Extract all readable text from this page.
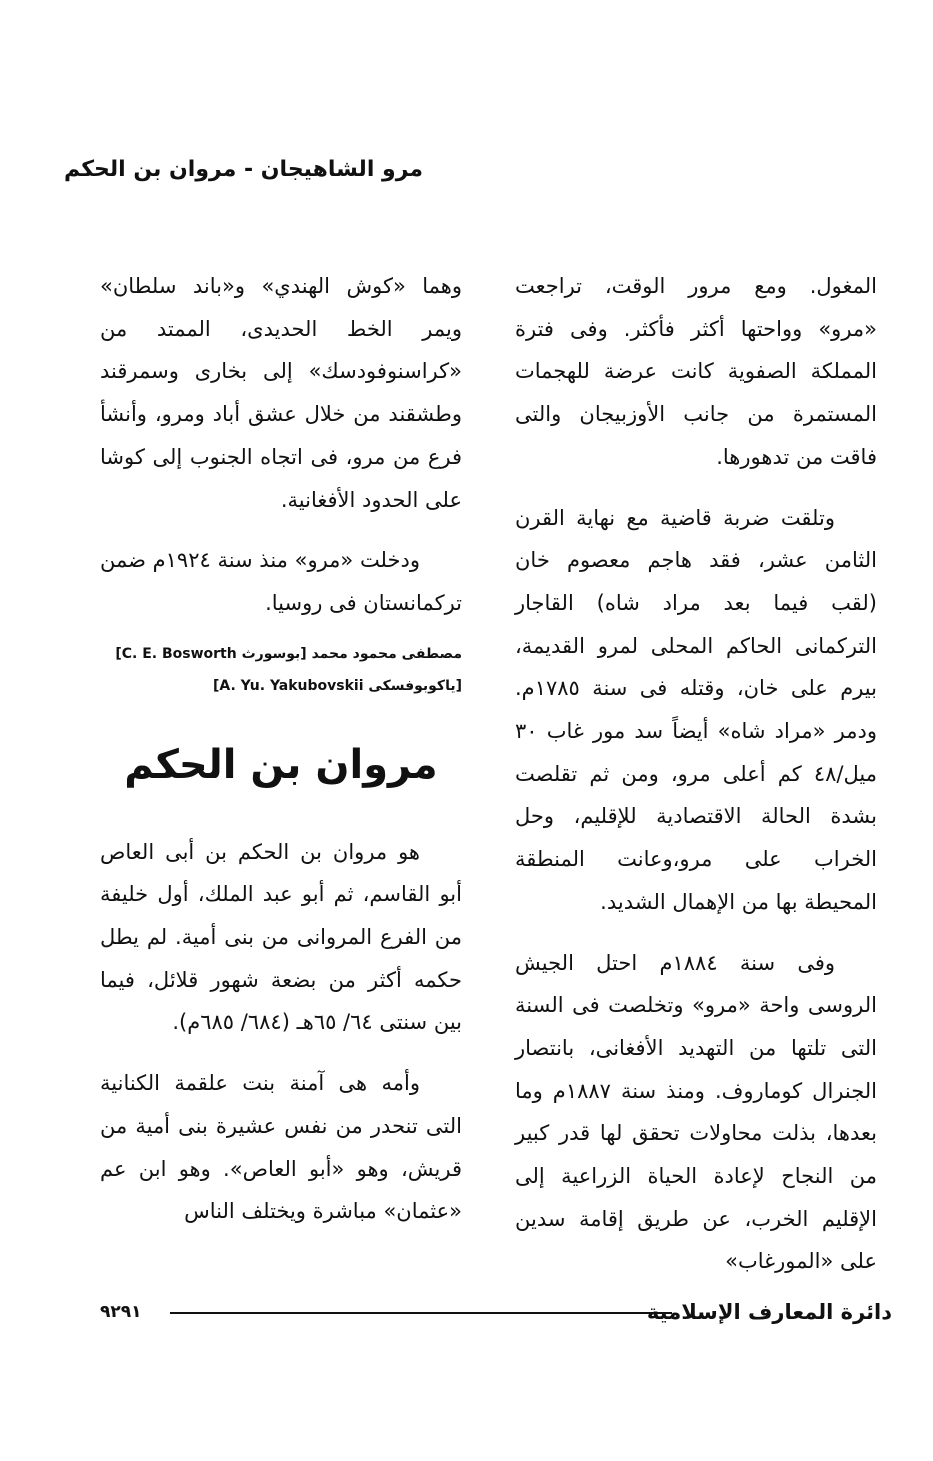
مرو الشاهيجان - مروان بن الحكم

المغول. ومع مرور الوقت، تراجعت «مرو» وواحتها أكثر فأكثر. وفى فترة المملكة الصفوية كانت عرضة للهجمات المستمرة من جانب الأوزبيجان والتى فاقت من تدهورها.

وتلقت ضربة قاضية مع نهاية القرن الثامن عشر، فقد هاجم معصوم خان (لقب فيما بعد مراد شاه) القاجار التركمانى الحاكم المحلى لمرو القديمة، بيرم على خان، وقتله فى سنة ١٧٨٥م. ودمر «مراد شاه» أيضاً سد مور غاب ٣٠ ميل/٤٨ كم أعلى مرو، ومن ثم تقلصت بشدة الحالة الاقتصادية للإقليم، وحل الخراب على مرو،وعانت المنطقة المحيطة بها من الإهمال الشديد.

وفى سنة ١٨٨٤م احتل الجيش الروسى واحة «مرو» وتخلصت فى السنة التى تلتها من التهديد الأفغانى، بانتصار الجنرال كوماروف. ومنذ سنة ١٨٨٧م وما بعدها، بذلت محاولات تحقق لها قدر كبير من النجاح لإعادة الحياة الزراعية إلى الإقليم الخرب، عن طريق إقامة سدين على «المورغاب»

وهما «كوش الهندي» و«باند سلطان» ويمر الخط الحديدى، الممتد من «كراسنوفودسك» إلى بخارى وسمرقند وطشقند من خلال عشق أباد ومرو، وأنشأ فرع من مرو، فى اتجاه الجنوب إلى كوشا على الحدود الأفغانية.

ودخلت «مرو» منذ سنة ١٩٢٤م ضمن تركمانستان فى روسيا.

مصطفى محمود محمد [بوسورث C. E. Bosworth]
[ياكوبوفسكى A. Yu. Yakubovskii]
مروان بن الحكم

هو مروان بن الحكم بن أبى العاص أبو القاسم، ثم أبو عبد الملك، أول خليفة من الفرع المروانى من بنى أمية. لم يطل حكمه أكثر من بضعة شهور قلائل، فيما بين سنتى ٦٤/ ٦٥هـ (٦٨٤/ ٦٨٥م).

وأمه هى آمنة بنت علقمة الكنانية التى تنحدر من نفس عشيرة بنى أمية من قريش، وهو «أبو العاص». وهو ابن عم «عثمان» مباشرة ويختلف الناس

دائرة المعارف الإسلامية
٩٢٩١
